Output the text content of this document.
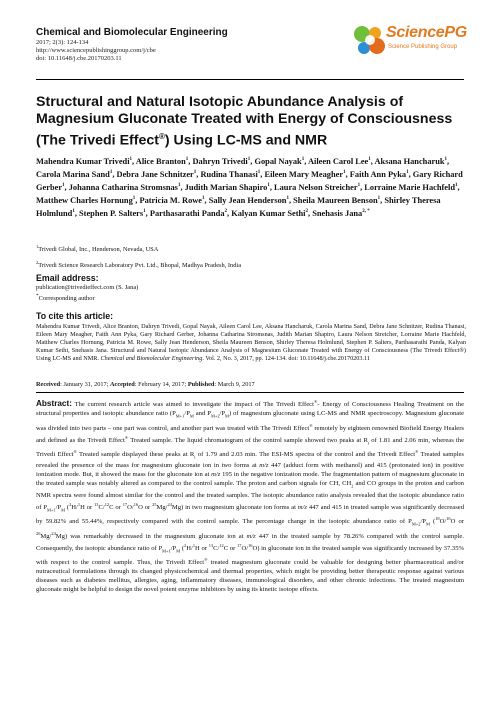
Chemical and Biomolecular Engineering
2017; 2(3): 124-134
http://www.sciencepublishinggroup.com/j/cbe
doi: 10.11648/j.cbe.20170203.11
SciencePG
Science Publishing Group
Structural and Natural Isotopic Abundance Analysis of Magnesium Gluconate Treated with Energy of Consciousness (The Trivedi Effect®) Using LC-MS and NMR
Mahendra Kumar Trivedi$^1$, Alice Branton$^1$, Dahryn Trivedi$^1$, Gopal Nayak$^1$, Aileen Carol Lee$^1$, Aksana Hancharuk$^1$, Carola Marina Sand$^1$, Debra Jane Schnitzer$^1$, Rudina Thanasi$^1$, Eileen Mary Meagher$^1$, Faith Ann Pyka$^1$, Gary Richard Gerber$^1$, Johanna Catharina Stromsnas$^1$, Judith Marian Shapiro$^1$, Laura Nelson Streicher$^1$, Lorraine Marie Hachfeld$^1$, Matthew Charles Hornung$^1$, Patricia M. Rowe$^1$, Sally Jean Henderson$^1$, Sheila Maureen Benson$^1$, Shirley Theresa Holmlund$^1$, Stephen P. Salters$^1$, Parthasarathi Panda$^2$, Kalyan Kumar Sethi$^2$, Snehasis Jana$^{2, *}$
$^1$Trivedi Global, Inc., Henderson, Nevada, USA
$^2$Trivedi Science Research Laboratory Pvt. Ltd., Bhopal, Madhya Pradesh, India
Email address:
publication@trivedieffect.com (S. Jana)
*Corresponding author
To cite this article:
Mahendra Kumar Trivedi, Alice Branton, Dahryn Trivedi, Gopal Nayak, Aileen Carol Lee, Aksana Hancharuk, Carola Marina Sand, Debra Jane Schnitzer, Rudina Thanasi, Eileen Mary Meagher, Faith Ann Pyka, Gary Richard Gerber, Johanna Catharina Stromsnas, Judith Marian Shapiro, Laura Nelson Streicher, Lorraine Marie Hachfeld, Matthew Charles Hornung, Patricia M. Rowe, Sally Jean Henderson, Sheila Maureen Benson, Shirley Theresa Holmlund, Stephen P. Salters, Parthasarathi Panda, Kalyan Kumar Sethi, Snehasis Jana. Structural and Natural Isotopic Abundance Analysis of Magnesium Gluconate Treated with Energy of Consciousness (The Trivedi Effect®) Using LC-MS and NMR. Chemical and Biomolecular Engineering. Vol. 2, No. 3, 2017, pp. 124-134. doi: 10.11648/j.cbe.20170203.11
Received: January 31, 2017; Accepted: February 14, 2017; Published: March 9, 2017
Abstract: The current research article was aimed to investigate the impact of The Trivedi Effect®- Energy of Consciousness Healing Treatment on the structural properties and isotopic abundance ratio ($P_{M+1}/P_M$ and $P_{M+2}/P_M$) of magnesium gluconate using LC-MS and NMR spectroscopy. Magnesium gluconate was divided into two parts – one part was control, and another part was treated with The Trivedi Effect® remotely by eighteen renowned Biofield Energy Healers and defined as the Trivedi Effect® Treated sample. The liquid chromatogram of the control sample showed two peaks at $R_t$ of 1.81 and 2.06 min, whereas the Trivedi Effect® Treated sample displayed these peaks at $R_t$ of 1.79 and 2.03 min. The ESI-MS spectra of the control and the Trivedi Effect® Treated samples revealed the presence of the mass for magnesium gluconate ion in two forms at m/z 447 (adduct form with methanol) and 415 (protonated ion) in positive ionization mode. But, it showed the mass for the gluconate ion at m/z 195 in the negative ionization mode. The fragmentation pattern of magnesium gluconate in the treated sample was notably altered as compared to the control sample. The proton and carbon signals for CH, $CH_2$ and CO groups in the proton and carbon NMR spectra were found almost similar for the control and the treated samples. The isotopic abundance ratio analysis revealed that the isotopic abundance ratio of $P_{M+1}/P_M$ ($^2$H/$^1$H or $^{13}$C/$^{12}$C or $^{17}$O/$^{16}$O or $^{25}$Mg/$^{24}$Mg) in two magnesium gluconate ion forms at m/z 447 and 415 in treated sample was significantly decreased by 59.82% and 55.44%, respectively compared with the control sample. The percentage change in the isotopic abundance ratio of $P_{M+2}/P_M$ ($^{18}$O/$^{16}$O or $^{26}$Mg/$^{24}$Mg) was remarkably decreased in the magnesium gluconate ion at m/z 447 in the treated sample by 78.26% compared with the control sample. Consequently, the isotopic abundance ratio of $P_{M+1}/P_M$ ($^2$H/$^1$H or $^{13}$C/$^{12}$C or $^{17}$O/$^{16}$O) in gluconate ion in the treated sample was significantly increased by 37.35% with respect to the control sample. Thus, the Trivedi Effect® treated magnesium gluconate could be valuable for designing better pharmaceutical and/or nutraceutical formulations through its changed physicochemical and thermal properties, which might be providing better therapeutic response against various diseases such as diabetes mellitus, allergies, aging, inflammatory diseases, immunological disorders, and other chronic infections. The treated magnesium gluconate might be helpful to design the novel potent enzyme inhibitors by using its kinetic isotope effects.
